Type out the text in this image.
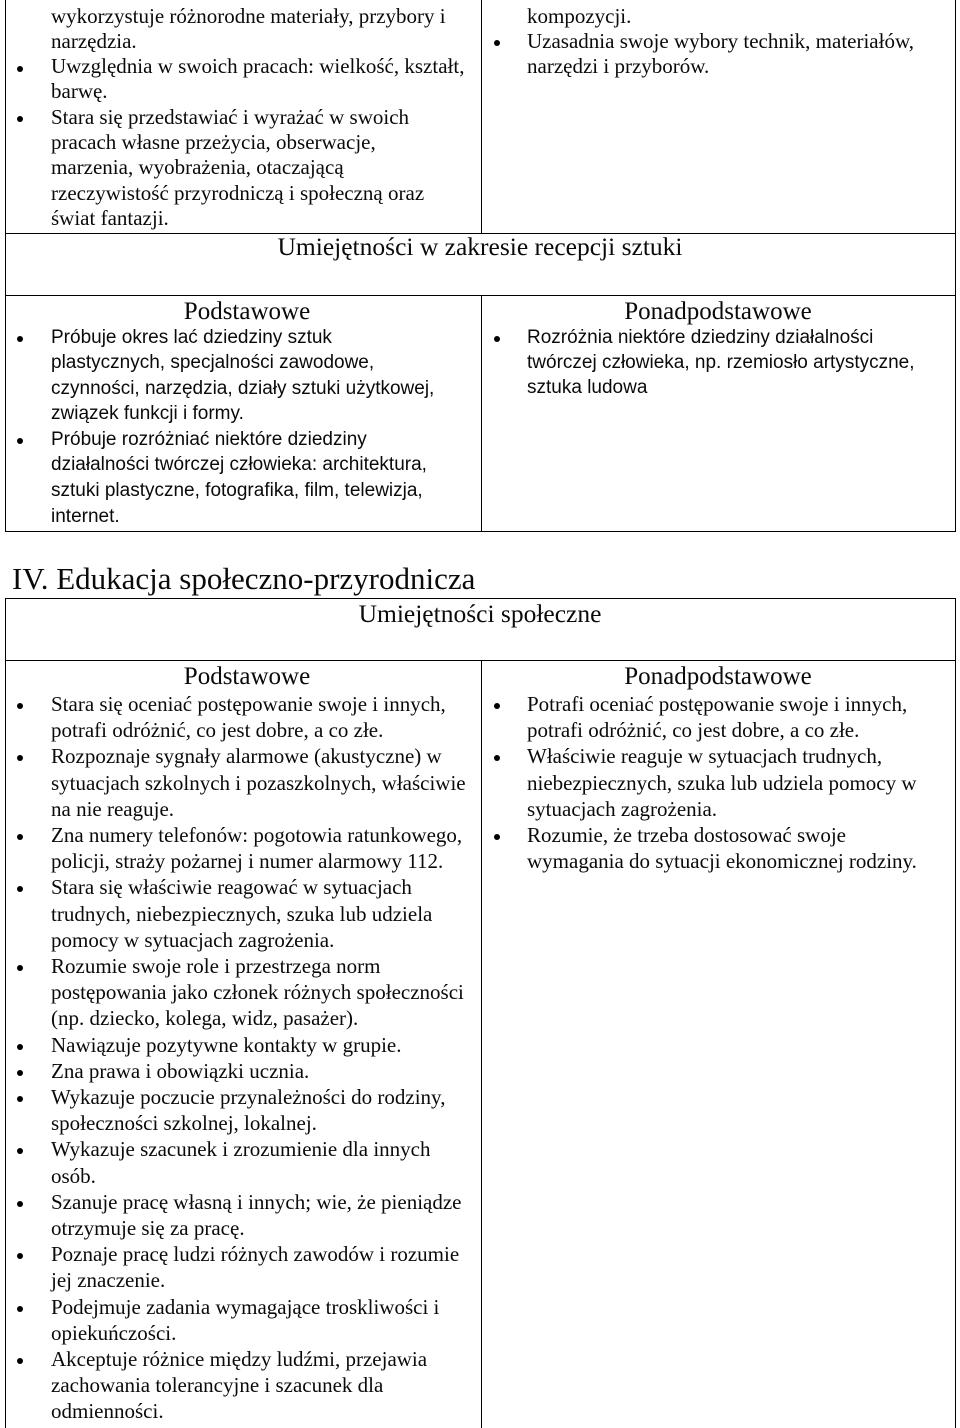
wykorzystuje różnorodne materiały, przybory i
narzędzia.

Uwzględnia w swoich pracach: wielkość, kształt,
barwę.
Stara się przedstawiać i wyrażać w swoich
pracach własne przeżycia, obserwacje,
marzenia, wyobrażenia, otaczającą
rzeczywistość przyrodniczą i społeczną oraz
świat fantazji.

kompozycji.

Uzasadnia swoje wybory technik, materiałów,
narzędzi i przyborów.
Umiejętności w zakresie recepcji sztuki
Podstawowe	Ponadpodstawowe
Próbuje okres lać dziedziny sztuk
plastycznych, specjalności zawodowe,
czynności, narzędzia, działy sztuki użytkowej,
związek funkcji i formy.
Próbuje rozróżniać niektóre dziedziny
działalności twórczej człowieka: architektura,
sztuki plastyczne, fotografika, film, telewizja,
internet.
Rozróżnia niektóre dziedziny działalności
twórczej człowieka, np. rzemiosło artystyczne,
sztuka ludowa
IV. Edukacja społeczno-przyrodnicza
Umiejętności społeczne
Podstawowe	Ponadpodstawowe
Stara się oceniać postępowanie swoje i innych,
potrafi odróżnić, co jest dobre, a co złe.
Rozpoznaje sygnały alarmowe (akustyczne) w
sytuacjach szkolnych i pozaszkolnych, właściwie
na nie reaguje.
Zna numery telefonów: pogotowia ratunkowego,
policji, straży pożarnej i numer alarmowy 112.
Stara się właściwie reagować w sytuacjach
trudnych, niebezpiecznych, szuka lub udziela
pomocy w sytuacjach zagrożenia.
Rozumie swoje role i przestrzega norm
postępowania jako członek różnych społeczności
(np. dziecko, kolega, widz, pasażer).
Nawiązuje pozytywne kontakty w grupie.
Zna prawa i obowiązki ucznia.
Wykazuje poczucie przynależności do rodziny,
społeczności szkolnej, lokalnej.
Wykazuje szacunek i zrozumienie dla innych
osób.
Szanuje pracę własną i innych; wie, że pieniądze
otrzymuje się za pracę.
Poznaje pracę ludzi różnych zawodów i rozumie
jej znaczenie.
Podejmuje zadania wymagające troskliwości i
opiekuńczości.
Akceptuje różnice między ludźmi, przejawia
zachowania tolerancyjne i szacunek dla
odmienności.
Potrafi oceniać postępowanie swoje i innych,
potrafi odróżnić, co jest dobre, a co złe.
Właściwie reaguje w sytuacjach trudnych,
niebezpiecznych, szuka lub udziela pomocy w
sytuacjach zagrożenia.
Rozumie, że trzeba dostosować swoje
wymagania do sytuacji ekonomicznej rodziny.
